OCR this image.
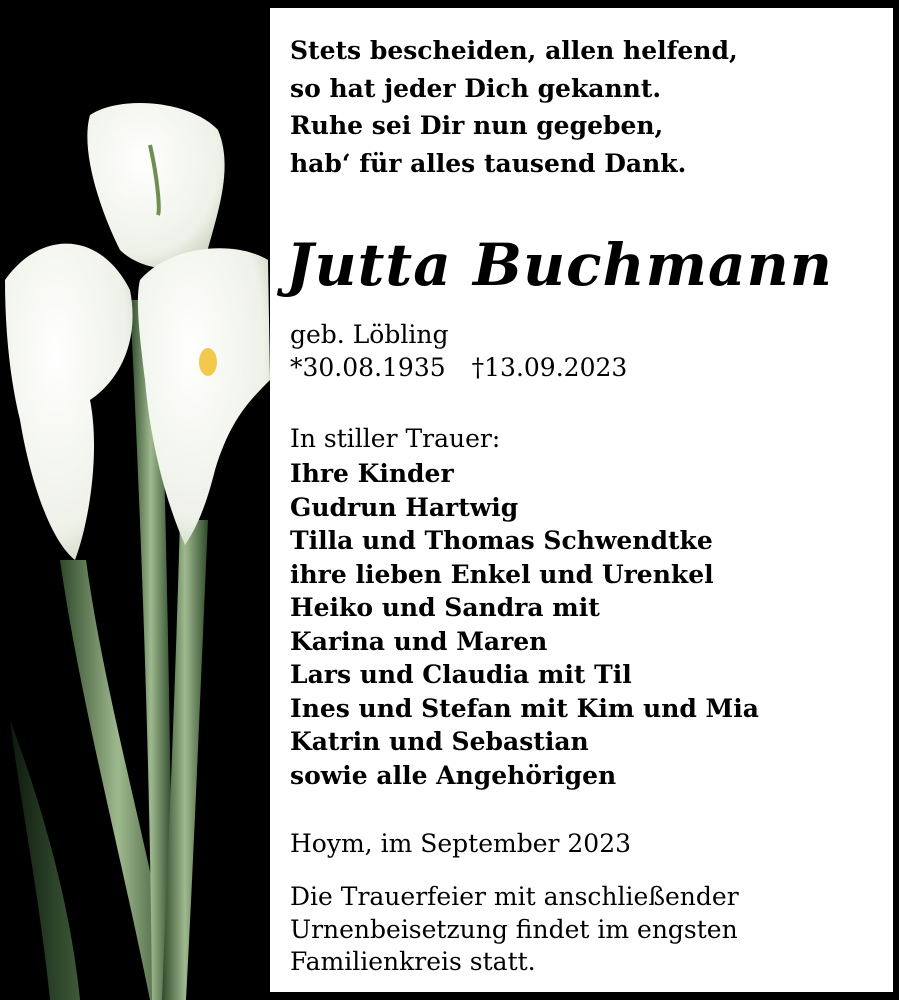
Stets bescheiden, allen helfend,
so hat jeder Dich gekannt.
Ruhe sei Dir nun gegeben,
hab‘ für alles tausend Dank.
Jutta Buchmann
geb. Löbling
*30.08.1935 †13.09.2023
In stiller Trauer:
Ihre Kinder
Gudrun Hartwig
Tilla und Thomas Schwendtke
ihre lieben Enkel und Urenkel
Heiko und Sandra mit
Karina und Maren
Lars und Claudia mit Til
Ines und Stefan mit Kim und Mia
Katrin und Sebastian
sowie alle Angehörigen
Hoym, im September 2023
Die Trauerfeier mit anschließender
Urnenbeisetzung findet im engsten
Familienkreis statt.
